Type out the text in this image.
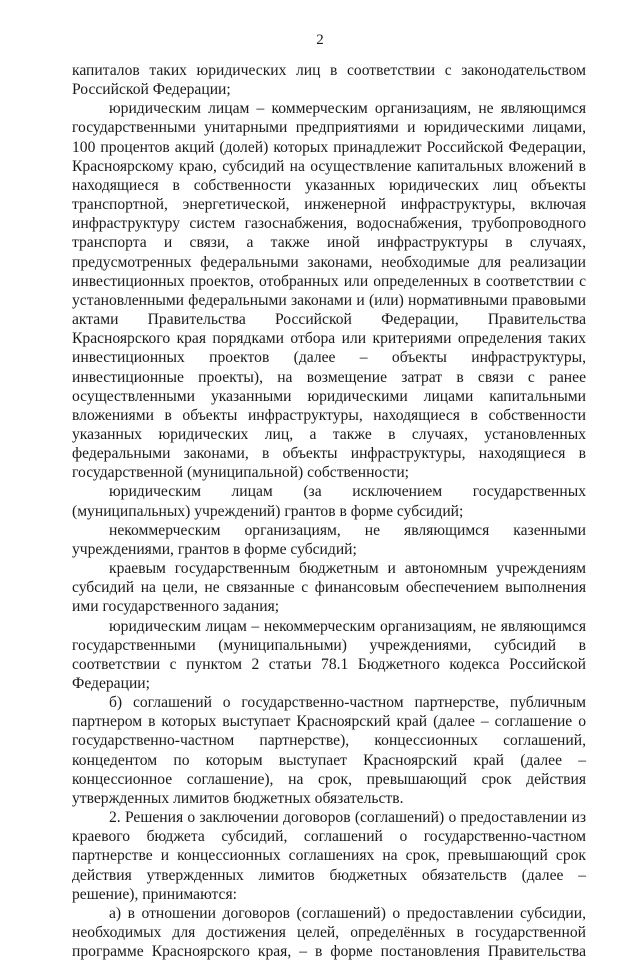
2

капиталов таких юридических лиц в соответствии с законодательством Российской Федерации;

юридическим лицам – коммерческим организациям, не являющимся государственными унитарными предприятиями и юридическими лицами, 100 процентов акций (долей) которых принадлежит Российской Федерации, Красноярскому краю, субсидий на осуществление капитальных вложений в находящиеся в собственности указанных юридических лиц объекты транспортной, энергетической, инженерной инфраструктуры, включая инфраструктуру систем газоснабжения, водоснабжения, трубопроводного транспорта и связи, а также иной инфраструктуры в случаях, предусмотренных федеральными законами, необходимые для реализации инвестиционных проектов, отобранных или определенных в соответствии с установленными федеральными законами и (или) нормативными правовыми актами Правительства Российской Федерации, Правительства Красноярского края порядками отбора или критериями определения таких инвестиционных проектов (далее – объекты инфраструктуры, инвестиционные проекты), на возмещение затрат в связи с ранее осуществленными указанными юридическими лицами капитальными вложениями в объекты инфраструктуры, находящиеся в собственности указанных юридических лиц, а также в случаях, установленных федеральными законами, в объекты инфраструктуры, находящиеся в государственной (муниципальной) собственности;

юридическим лицам (за исключением государственных (муниципальных) учреждений) грантов в форме субсидий;

некоммерческим организациям, не являющимся казенными учреждениями, грантов в форме субсидий;

краевым государственным бюджетным и автономным учреждениям субсидий на цели, не связанные с финансовым обеспечением выполнения ими государственного задания;

юридическим лицам – некоммерческим организациям, не являющимся государственными (муниципальными) учреждениями, субсидий в соответствии с пунктом 2 статьи 78.1 Бюджетного кодекса Российской Федерации;

б) соглашений о государственно-частном партнерстве, публичным партнером в которых выступает Красноярский край (далее – соглашение о государственно-частном партнерстве), концессионных соглашений, концедентом по которым выступает Красноярский край (далее – концессионное соглашение), на срок, превышающий срок действия утвержденных лимитов бюджетных обязательств.

2. Решения о заключении договоров (соглашений) о предоставлении из краевого бюджета субсидий, соглашений о государственно-частном партнерстве и концессионных соглашениях на срок, превышающий срок действия утвержденных лимитов бюджетных обязательств (далее – решение), принимаются:

а) в отношении договоров (соглашений) о предоставлении субсидии, необходимых для достижения целей, определённых в государственной программе Красноярского края, – в форме постановления Правительства
